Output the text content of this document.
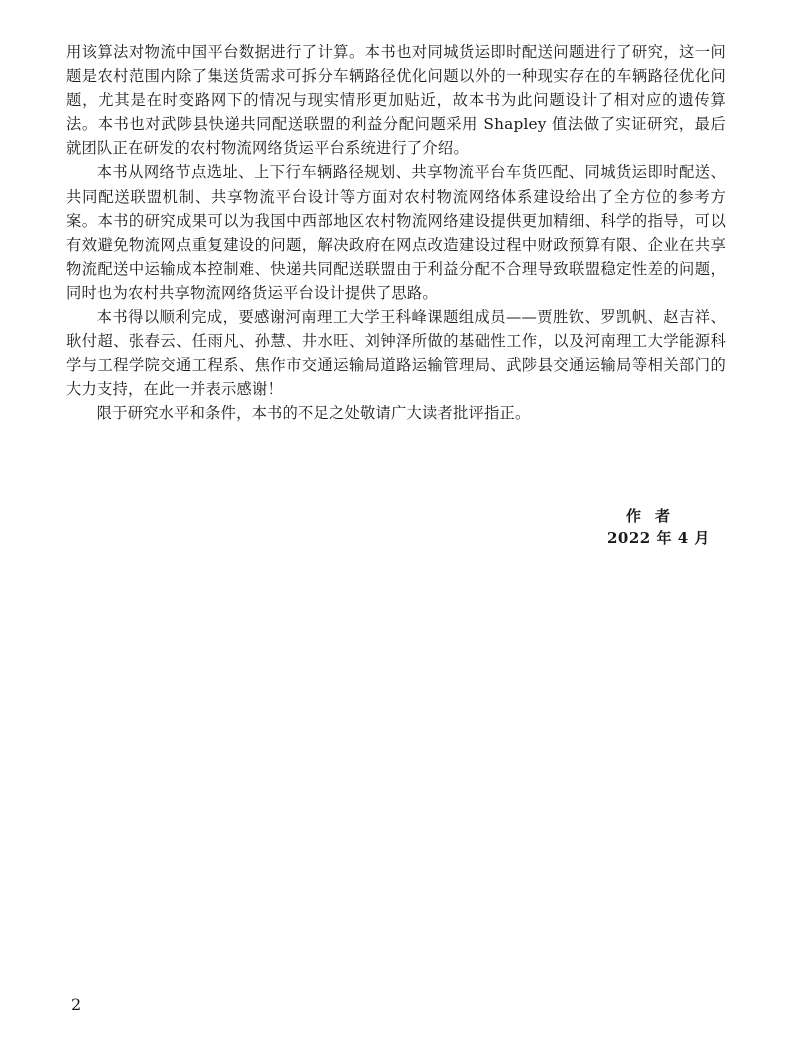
用该算法对物流中国平台数据进行了计算。本书也对同城货运即时配送问题进行了研究，这一问题是农村范围内除了集送货需求可拆分车辆路径优化问题以外的一种现实存在的车辆路径优化问题，尤其是在时变路网下的情况与现实情形更加贴近，故本书为此问题设计了相对应的遗传算法。本书也对武陟县快递共同配送联盟的利益分配问题采用 Shapley 值法做了实证研究，最后就团队正在研发的农村物流网络货运平台系统进行了介绍。

本书从网络节点选址、上下行车辆路径规划、共享物流平台车货匹配、同城货运即时配送、共同配送联盟机制、共享物流平台设计等方面对农村物流网络体系建设给出了全方位的参考方案。本书的研究成果可以为我国中西部地区农村物流网络建设提供更加精细、科学的指导，可以有效避免物流网点重复建设的问题，解决政府在网点改造建设过程中财政预算有限、企业在共享物流配送中运输成本控制难、快递共同配送联盟由于利益分配不合理导致联盟稳定性差的问题，同时也为农村共享物流网络货运平台设计提供了思路。

本书得以顺利完成，要感谢河南理工大学王科峰课题组成员——贾胜钦、罗凯帆、赵吉祥、耿付超、张春云、任雨凡、孙慧、井水旺、刘钟泽所做的基础性工作，以及河南理工大学能源科学与工程学院交通工程系、焦作市交通运输局道路运输管理局、武陟县交通运输局等相关部门的大力支持，在此一并表示感谢！

限于研究水平和条件，本书的不足之处敬请广大读者批评指正。

作者
2022 年 4 月
2
